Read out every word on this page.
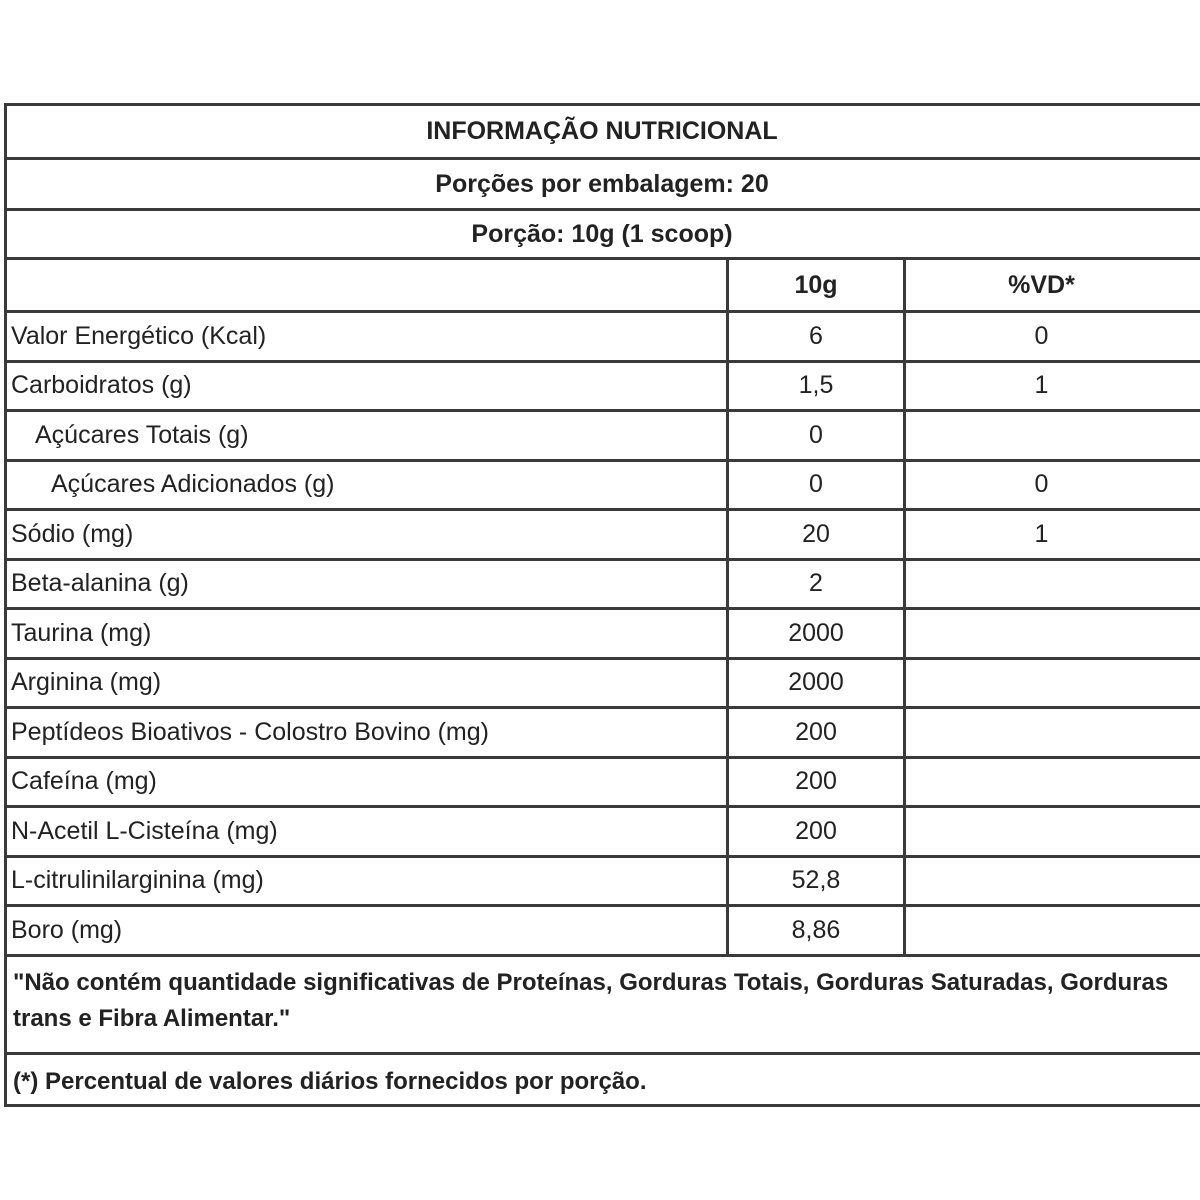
INFORMAÇÃO NUTRICIONAL
Porções por embalagem: 20
Porção: 10g (1 scoop)
10g	%VD*
Valor Energético (Kcal)	6	0
Carboidratos (g)	1,5	1
Açúcares Totais (g)	0
Açúcares Adicionados (g)	0	0
Sódio (mg)	20	1
Beta-alanina (g)	2
Taurina (mg)	2000
Arginina (mg)	2000
Peptídeos Bioativos - Colostro Bovino (mg)	200
Cafeína (mg)	200
N-Acetil L-Cisteína (mg)	200
L-citrulinilarginina (mg)	52,8
Boro (mg)	8,86
"Não contém quantidade significativas de Proteínas, Gorduras Totais, Gorduras Saturadas, Gorduras trans e Fibra Alimentar."
(*) Percentual de valores diários fornecidos por porção.
